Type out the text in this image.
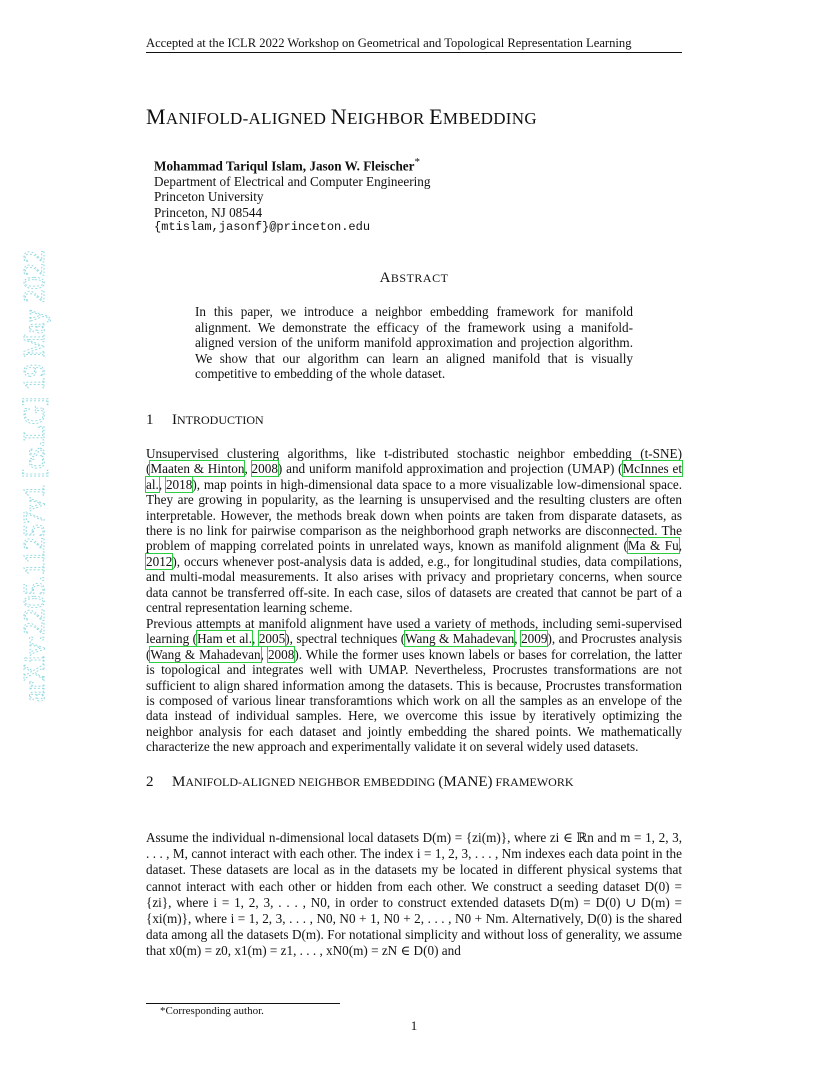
arXiv:2205.11257v1 [cs.LG] 19 May 2022
Accepted at the ICLR 2022 Workshop on Geometrical and Topological Representation Learning
MANIFOLD-ALIGNED NEIGHBOR EMBEDDING
Mohammad Tariqul Islam, Jason W. Fleischer*
Department of Electrical and Computer Engineering
Princeton University
Princeton, NJ 08544
{mtislam,jasonf}@princeton.edu
ABSTRACT
In this paper, we introduce a neighbor embedding framework for manifold alignment. We demonstrate the efficacy of the framework using a manifold-aligned version of the uniform manifold approximation and projection algorithm. We show that our algorithm can learn an aligned manifold that is visually competitive to embedding of the whole dataset.
1 INTRODUCTION
Unsupervised clustering algorithms, like t-distributed stochastic neighbor embedding (t-SNE) (Maaten & Hinton, 2008) and uniform manifold approximation and projection (UMAP) (McInnes et al., 2018), map points in high-dimensional data space to a more visualizable low-dimensional space. They are growing in popularity, as the learning is unsupervised and the resulting clusters are often interpretable. However, the methods break down when points are taken from disparate datasets, as there is no link for pairwise comparison as the neighborhood graph networks are disconnected. The problem of mapping correlated points in unrelated ways, known as manifold alignment (Ma & Fu, 2012), occurs whenever post-analysis data is added, e.g., for longitudinal studies, data compilations, and multi-modal measurements. It also arises with privacy and proprietary concerns, when source data cannot be transferred off-site. In each case, silos of datasets are created that cannot be part of a central representation learning scheme.
Previous attempts at manifold alignment have used a variety of methods, including semi-supervised learning (Ham et al., 2005), spectral techniques (Wang & Mahadevan, 2009), and Procrustes analysis (Wang & Mahadevan, 2008). While the former uses known labels or bases for correlation, the latter is topological and integrates well with UMAP. Nevertheless, Procrustes transformations are not sufficient to align shared information among the datasets. This is because, Procrustes transformation is composed of various linear transforamtions which work on all the samples as an envelope of the data instead of individual samples. Here, we overcome this issue by iteratively optimizing the neighbor analysis for each dataset and jointly embedding the shared points. We mathematically characterize the new approach and experimentally validate it on several widely used datasets.
2 MANIFOLD-ALIGNED NEIGHBOR EMBEDDING (MANE) FRAMEWORK
Assume the individual n-dimensional local datasets D(m) = {zi(m)}, where zi ∈ ℝn and m = 1, 2, 3, . . . , M, cannot interact with each other. The index i = 1, 2, 3, . . . , Nm indexes each data point in the dataset. These datasets are local as in the datasets my be located in different physical systems that cannot interact with each other or hidden from each other. We construct a seeding dataset D(0) = {zi}, where i = 1, 2, 3, . . . , N0, in order to construct extended datasets D(m) = D(0) ∪ D(m) = {xi(m)}, where i = 1, 2, 3, . . . , N0, N0 + 1, N0 + 2, . . . , N0 + Nm. Alternatively, D(0) is the shared data among all the datasets D(m). For notational simplicity and without loss of generality, we assume that x0(m) = z0, x1(m) = z1, . . . , xN0(m) = zN ∈ D(0) and
*Corresponding author.
1
